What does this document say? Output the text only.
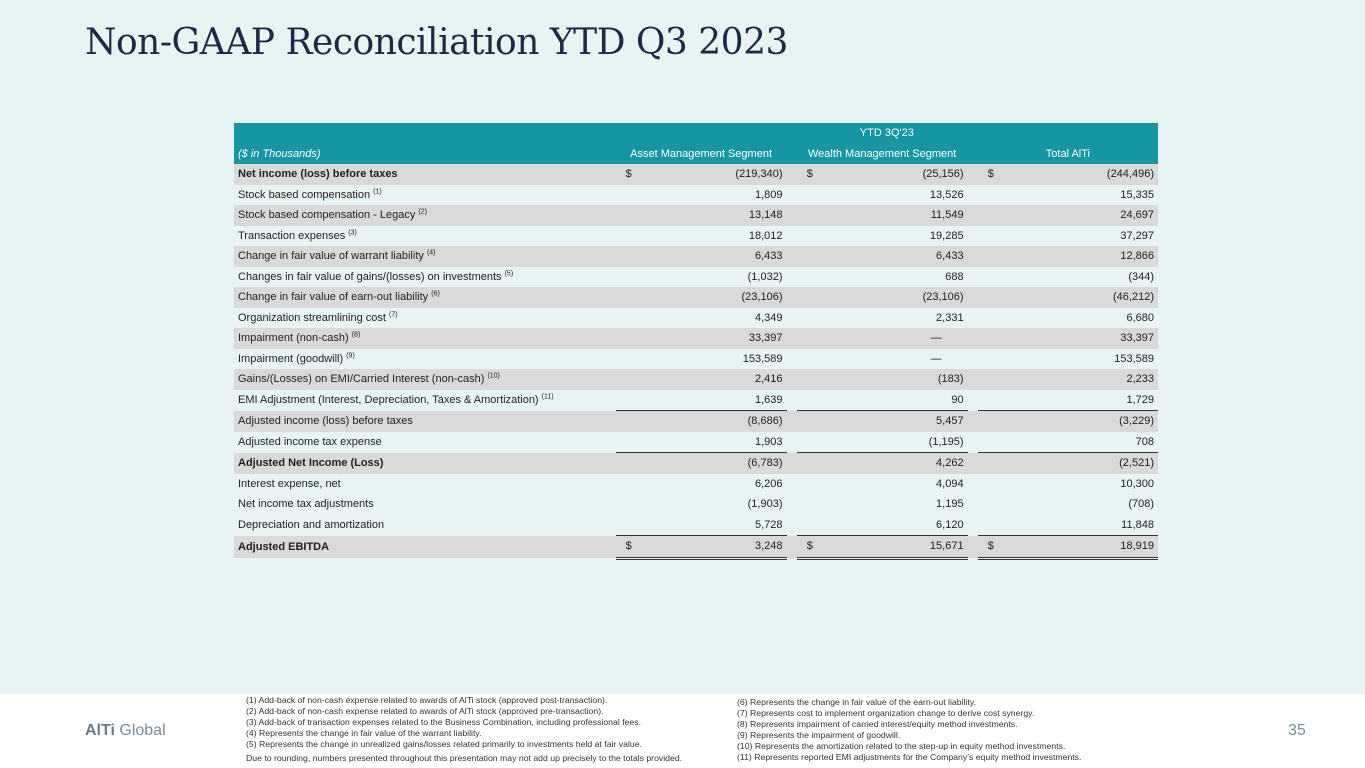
Non-GAAP Reconciliation YTD Q3 2023
	YTD 3Q'23				
($ in Thousands)	Asset Management Segment		Wealth Management Segment		Total AlTi
Net income (loss) before taxes	$ (219,340)		$ (25,156)		$ (244,496)

Stock based compensation $^{(1)}$	1,809		13,526		15,335

Stock based compensation - Legacy $^{(2)}$	13,148		11,549		24,697

Transaction expenses $^{(3)}$	18,012		19,285		37,297

Change in fair value of warrant liability $^{(4)}$	6,433		6,433		12,866

Changes in fair value of gains/(losses) on investments $^{(5)}$	(1,032)		688		(344)

Change in fair value of earn-out liability $^{(6)}$	(23,106)		(23,106)		(46,212)

Organization streamlining cost $^{(7)}$	4,349		2,331		6,680

Impairment (non-cash) $^{(8)}$	33,397		—		33,397

Impairment (goodwill) $^{(9)}$	153,589		—		153,589

Gains/(Losses) on EMI/Carried Interest (non-cash) $^{(10)}$	2,416		(183)		2,233

EMI Adjustment (Interest, Depreciation, Taxes & Amortization) $^{(11)}$	1,639		90		1,729

Adjusted income (loss) before taxes	(8,686)		5,457		(3,229)

Adjusted income tax expense	1,903		(1,195)		708

Adjusted Net Income (Loss)	(6,783)		4,262		(2,521)

Interest expense, net	6,206		4,094		10,300

Net income tax adjustments	(1,903)		1,195		(708)

Depreciation and amortization	5,728		6,120		11,848

Adjusted EBITDA	$ 3,248		$ 15,671		$ 18,919
AlTi Global	35
(1) Add-back of non-cash expense related to awards of AlTi stock (approved post-transaction).
(2) Add-back of non-cash expense related to awards of AlTi stock (approved pre-transaction).
(3) Add-back of transaction expenses related to the Business Combination, including professional fees.
(4) Represents the change in fair value of the warrant liability.
(5) Represents the change in unrealized gains/losses related primarily to investments held at fair value.
Due to rounding, numbers presented throughout this presentation may not add up precisely to the totals provided.
(6) Represents the change in fair value of the earn-out liability.
(7) Represents cost to implement organization change to derive cost synergy.
(8) Represents impairment of carried interest/equity method investments.
(9) Represents the impairment of goodwill.
(10) Represents the amortization related to the step-up in equity method investments.
(11) Represents reported EMI adjustments for the Company’s equity method investments.
